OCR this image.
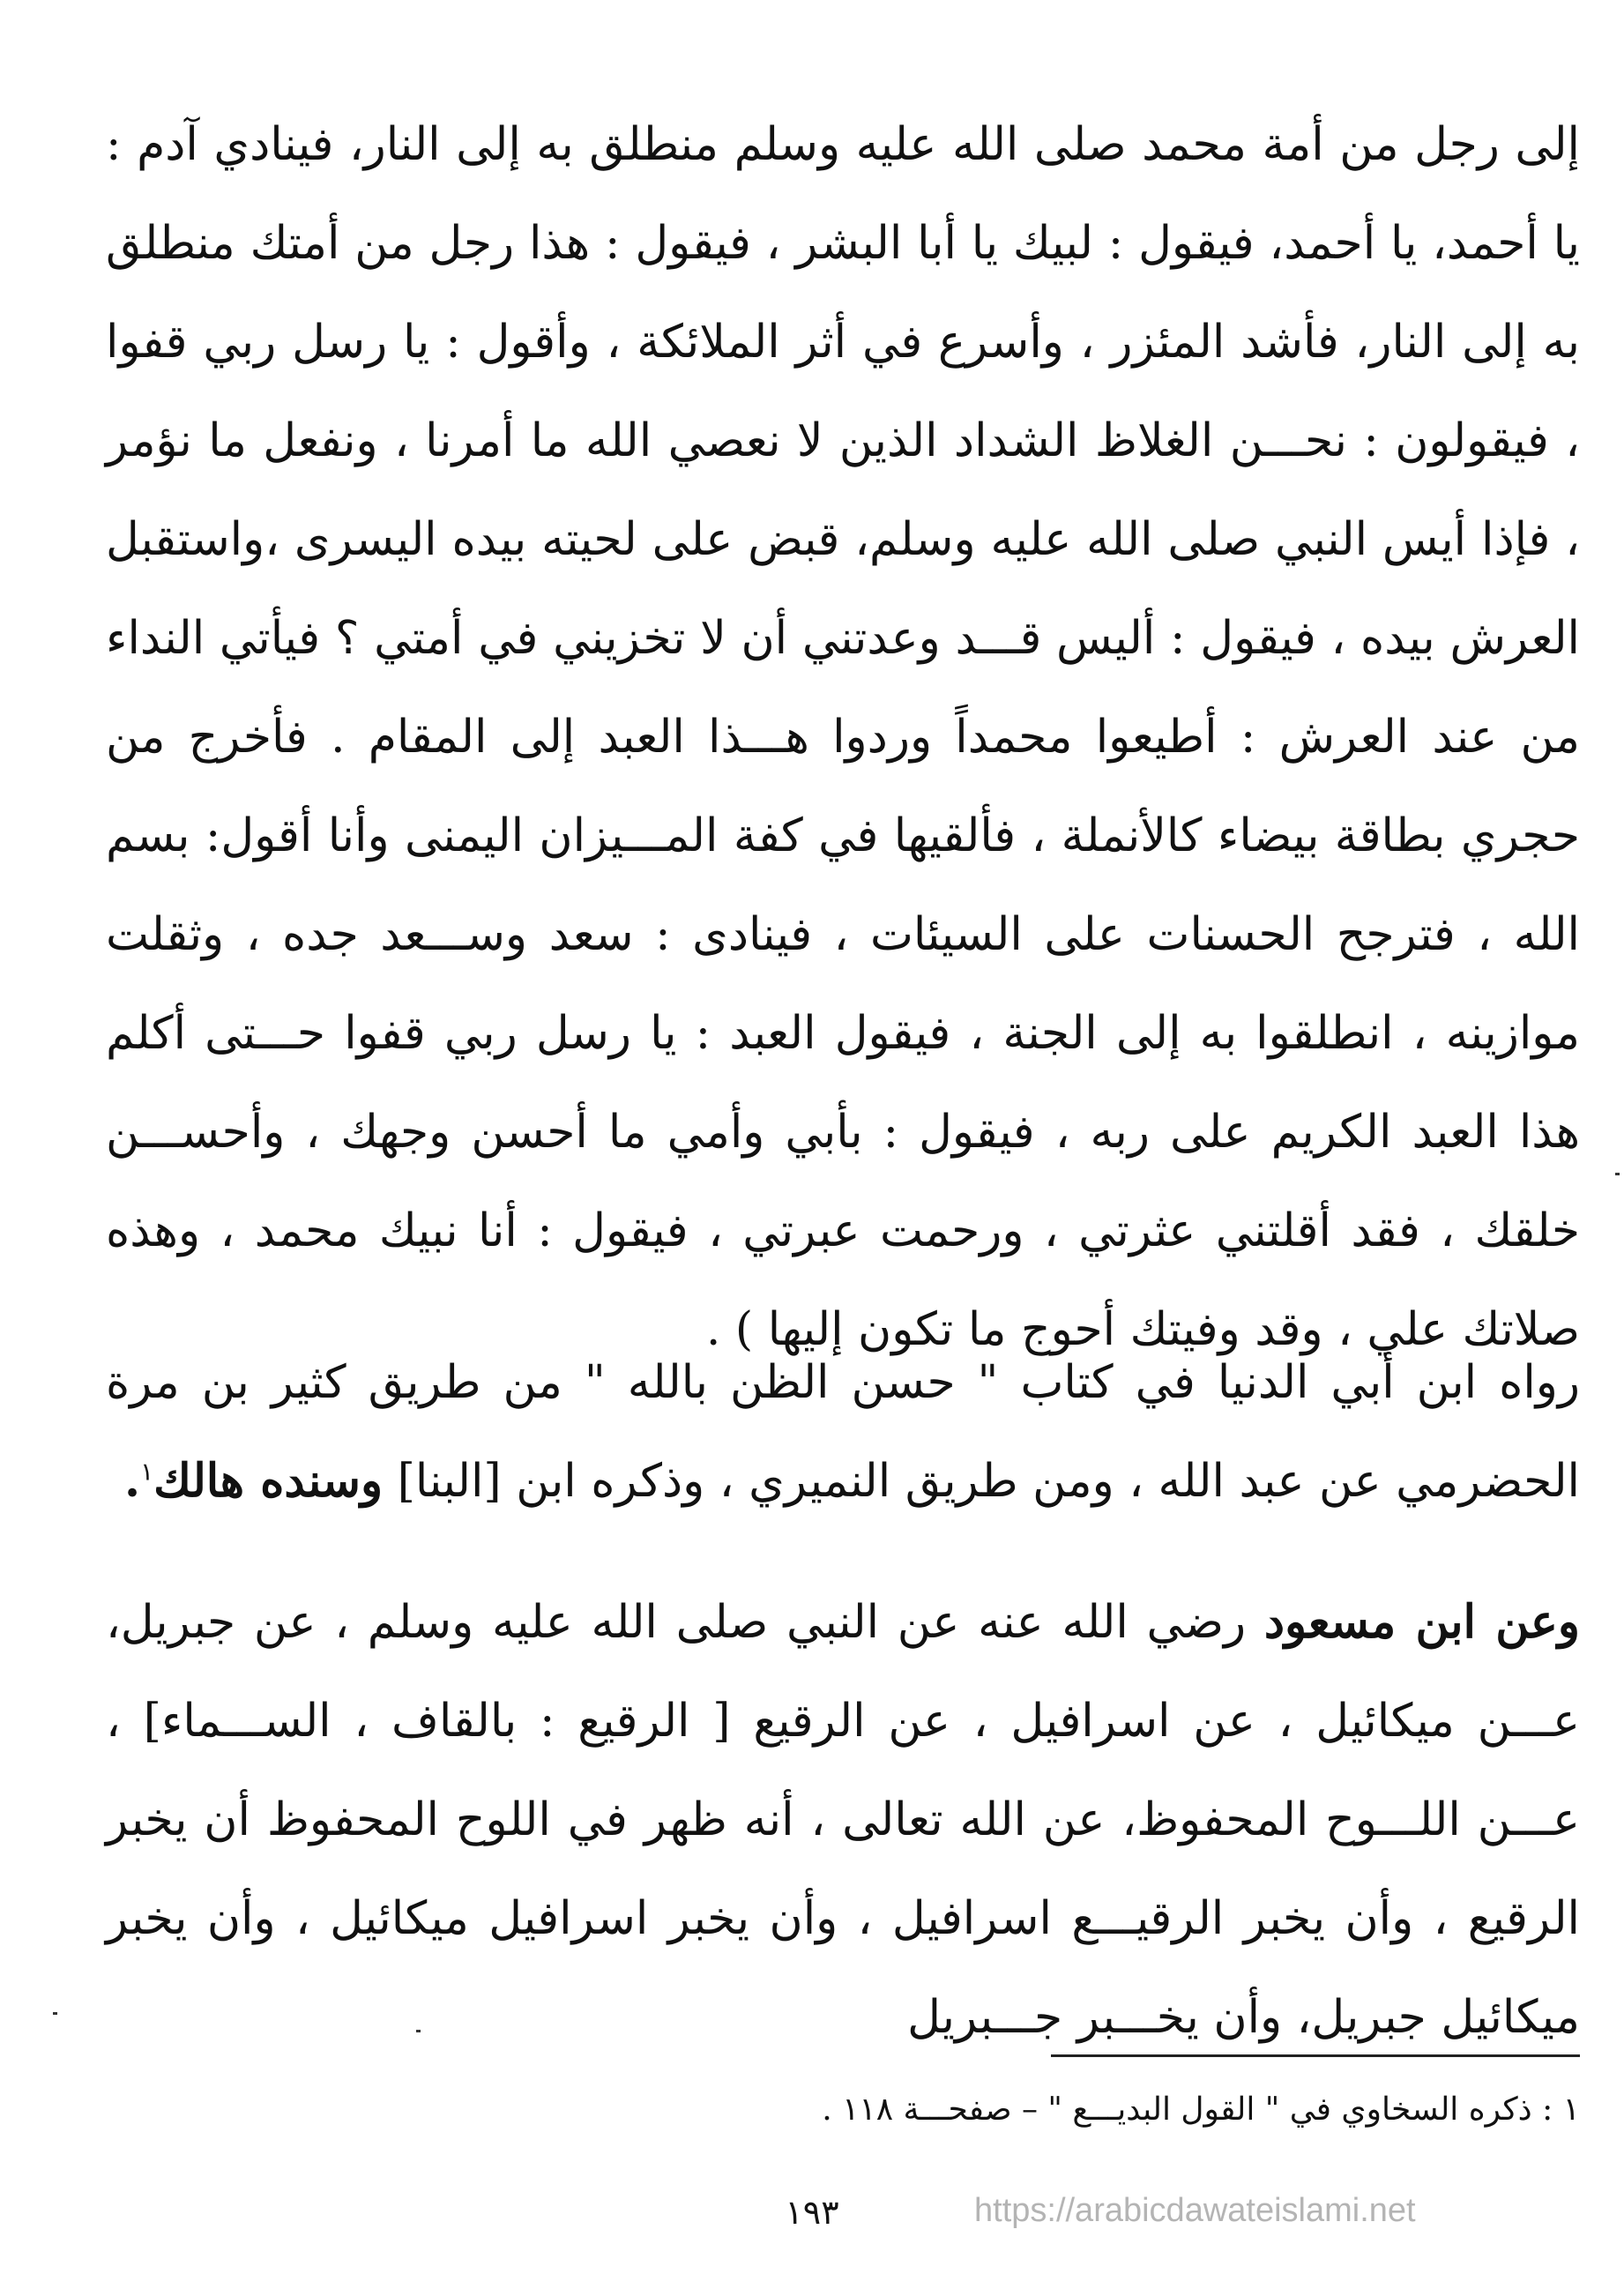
إلى رجل من أمة محمد صلى الله عليه وسلم منطلق به إلى النار، فينادي آدم : يا أحمد، يا أحمد، فيقول : لبيك يا أبا البشر ، فيقول : هذا رجل من أمتك منطلق به إلى النار، فأشد المئزر ، وأسرع في أثر الملائكة ، وأقول : يا رسل ربي قفوا ، فيقولون : نحـــن الغلاظ الشداد الذين لا نعصي الله ما أمرنا ، ونفعل ما نؤمر ، فإذا أيس النبي صلى الله عليه وسلم، قبض على لحيته بيده اليسرى ،واستقبل العرش بيده ، فيقول : أليس قـــد وعدتني أن لا تخزيني في أمتي ؟ فيأتي النداء من عند العرش : أطيعوا محمداً وردوا هـــذا العبد إلى المقام . فأخرج من حجري بطاقة بيضاء كالأنملة ، فألقيها في كفة المـــيزان اليمنى وأنا أقول: بسم الله ، فترجح الحسنات على السيئات ، فينادى : سعد وســـعد جده ، وثقلت موازينه ، انطلقوا به إلى الجنة ، فيقول العبد : يا رسل ربي قفوا حـــتى أكلم هذا العبد الكريم على ربه ، فيقول : بأبي وأمي ما أحسن وجهك ، وأحســـن خلقك ، فقد أقلتني عثرتي ، ورحمت عبرتي ، فيقول : أنا نبيك محمد ، وهذه صلاتك علي ، وقد وفيتك أحوج ما تكون إليها ) .

رواه ابن أبي الدنيا في كتاب " حسن الظن بالله " من طريق كثير بن مرة الحضرمي عن عبد الله ، ومن طريق النميري ، وذكره ابن [البنا] وسنده هالك$^١$.

وعن ابن مسعود رضي الله عنه عن النبي صلى الله عليه وسلم ، عن جبريل، عـــن ميكائيل ، عن اسرافيل ، عن الرقيع [ الرقيع : بالقاف ، الســـماء] ، عـــن اللـــوح المحفوظ، عن الله تعالى ، أنه ظهر في اللوح المحفوظ أن يخبر الرقيع ، وأن يخبر الرقيـــع اسرافيل ، وأن يخبر اسرافيل ميكائيل ، وأن يخبر ميكائيل جبريل، وأن يخـــبر جـــبريل

١ : ذكره السخاوي في " القول البديـــع " – صفحـــة ١١٨ .

١٩٣	https://arabicdawateislami.net
